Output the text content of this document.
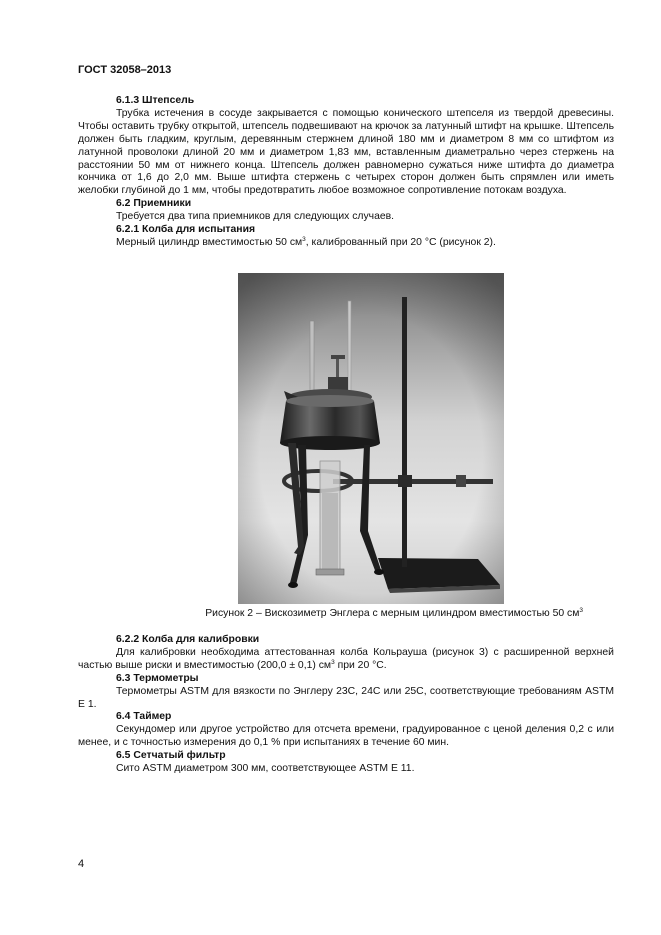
ГОСТ 32058–2013
6.1.3 Штепсель
Трубка истечения в сосуде закрывается с помощью конического штепселя из твердой древесины. Чтобы оставить трубку открытой, штепсель подвешивают на крючок за латунный штифт на крышке. Штепсель должен быть гладким, круглым, деревянным стержнем длиной 180 мм и диаметром 8 мм со штифтом из латунной проволоки длиной 20 мм и диаметром 1,83 мм, вставленным диаметрально через стержень на расстоянии 50 мм от нижнего конца. Штепсель должен равномерно сужаться ниже штифта до диаметра кончика от 1,6 до 2,0 мм. Выше штифта стержень с четырех сторон должен быть спрямлен или иметь желобки глубиной до 1 мм, чтобы предотвратить любое возможное сопротивление потокам воздуха.
6.2 Приемники
Требуется два типа приемников для следующих случаев.
6.2.1 Колба для испытания
Мерный цилиндр вместимостью 50 $см^3$, калиброванный при 20 °С (рисунок 2).
Рисунок 2 – Вискозиметр Энглера с мерным цилиндром вместимостью 50 $см^3$
6.2.2 Колба для калибровки
Для калибровки необходима аттестованная колба Кольрауша (рисунок 3) с расширенной верхней частью выше риски и вместимостью (200,0 ± 0,1) $см^3$ при 20 °С.
6.3 Термометры
Термометры ASTM для вязкости по Энглеру 23С, 24С или 25С, соответствующие требованиям ASTM E 1.
6.4 Таймер
Секундомер или другое устройство для отсчета времени, градуированное с ценой деления 0,2 с или менее, и с точностью измерения до 0,1 % при испытаниях в течение 60 мин.
6.5 Сетчатый фильтр
Сито ASTM диаметром 300 мм, соответствующее ASTM E 11.
4
